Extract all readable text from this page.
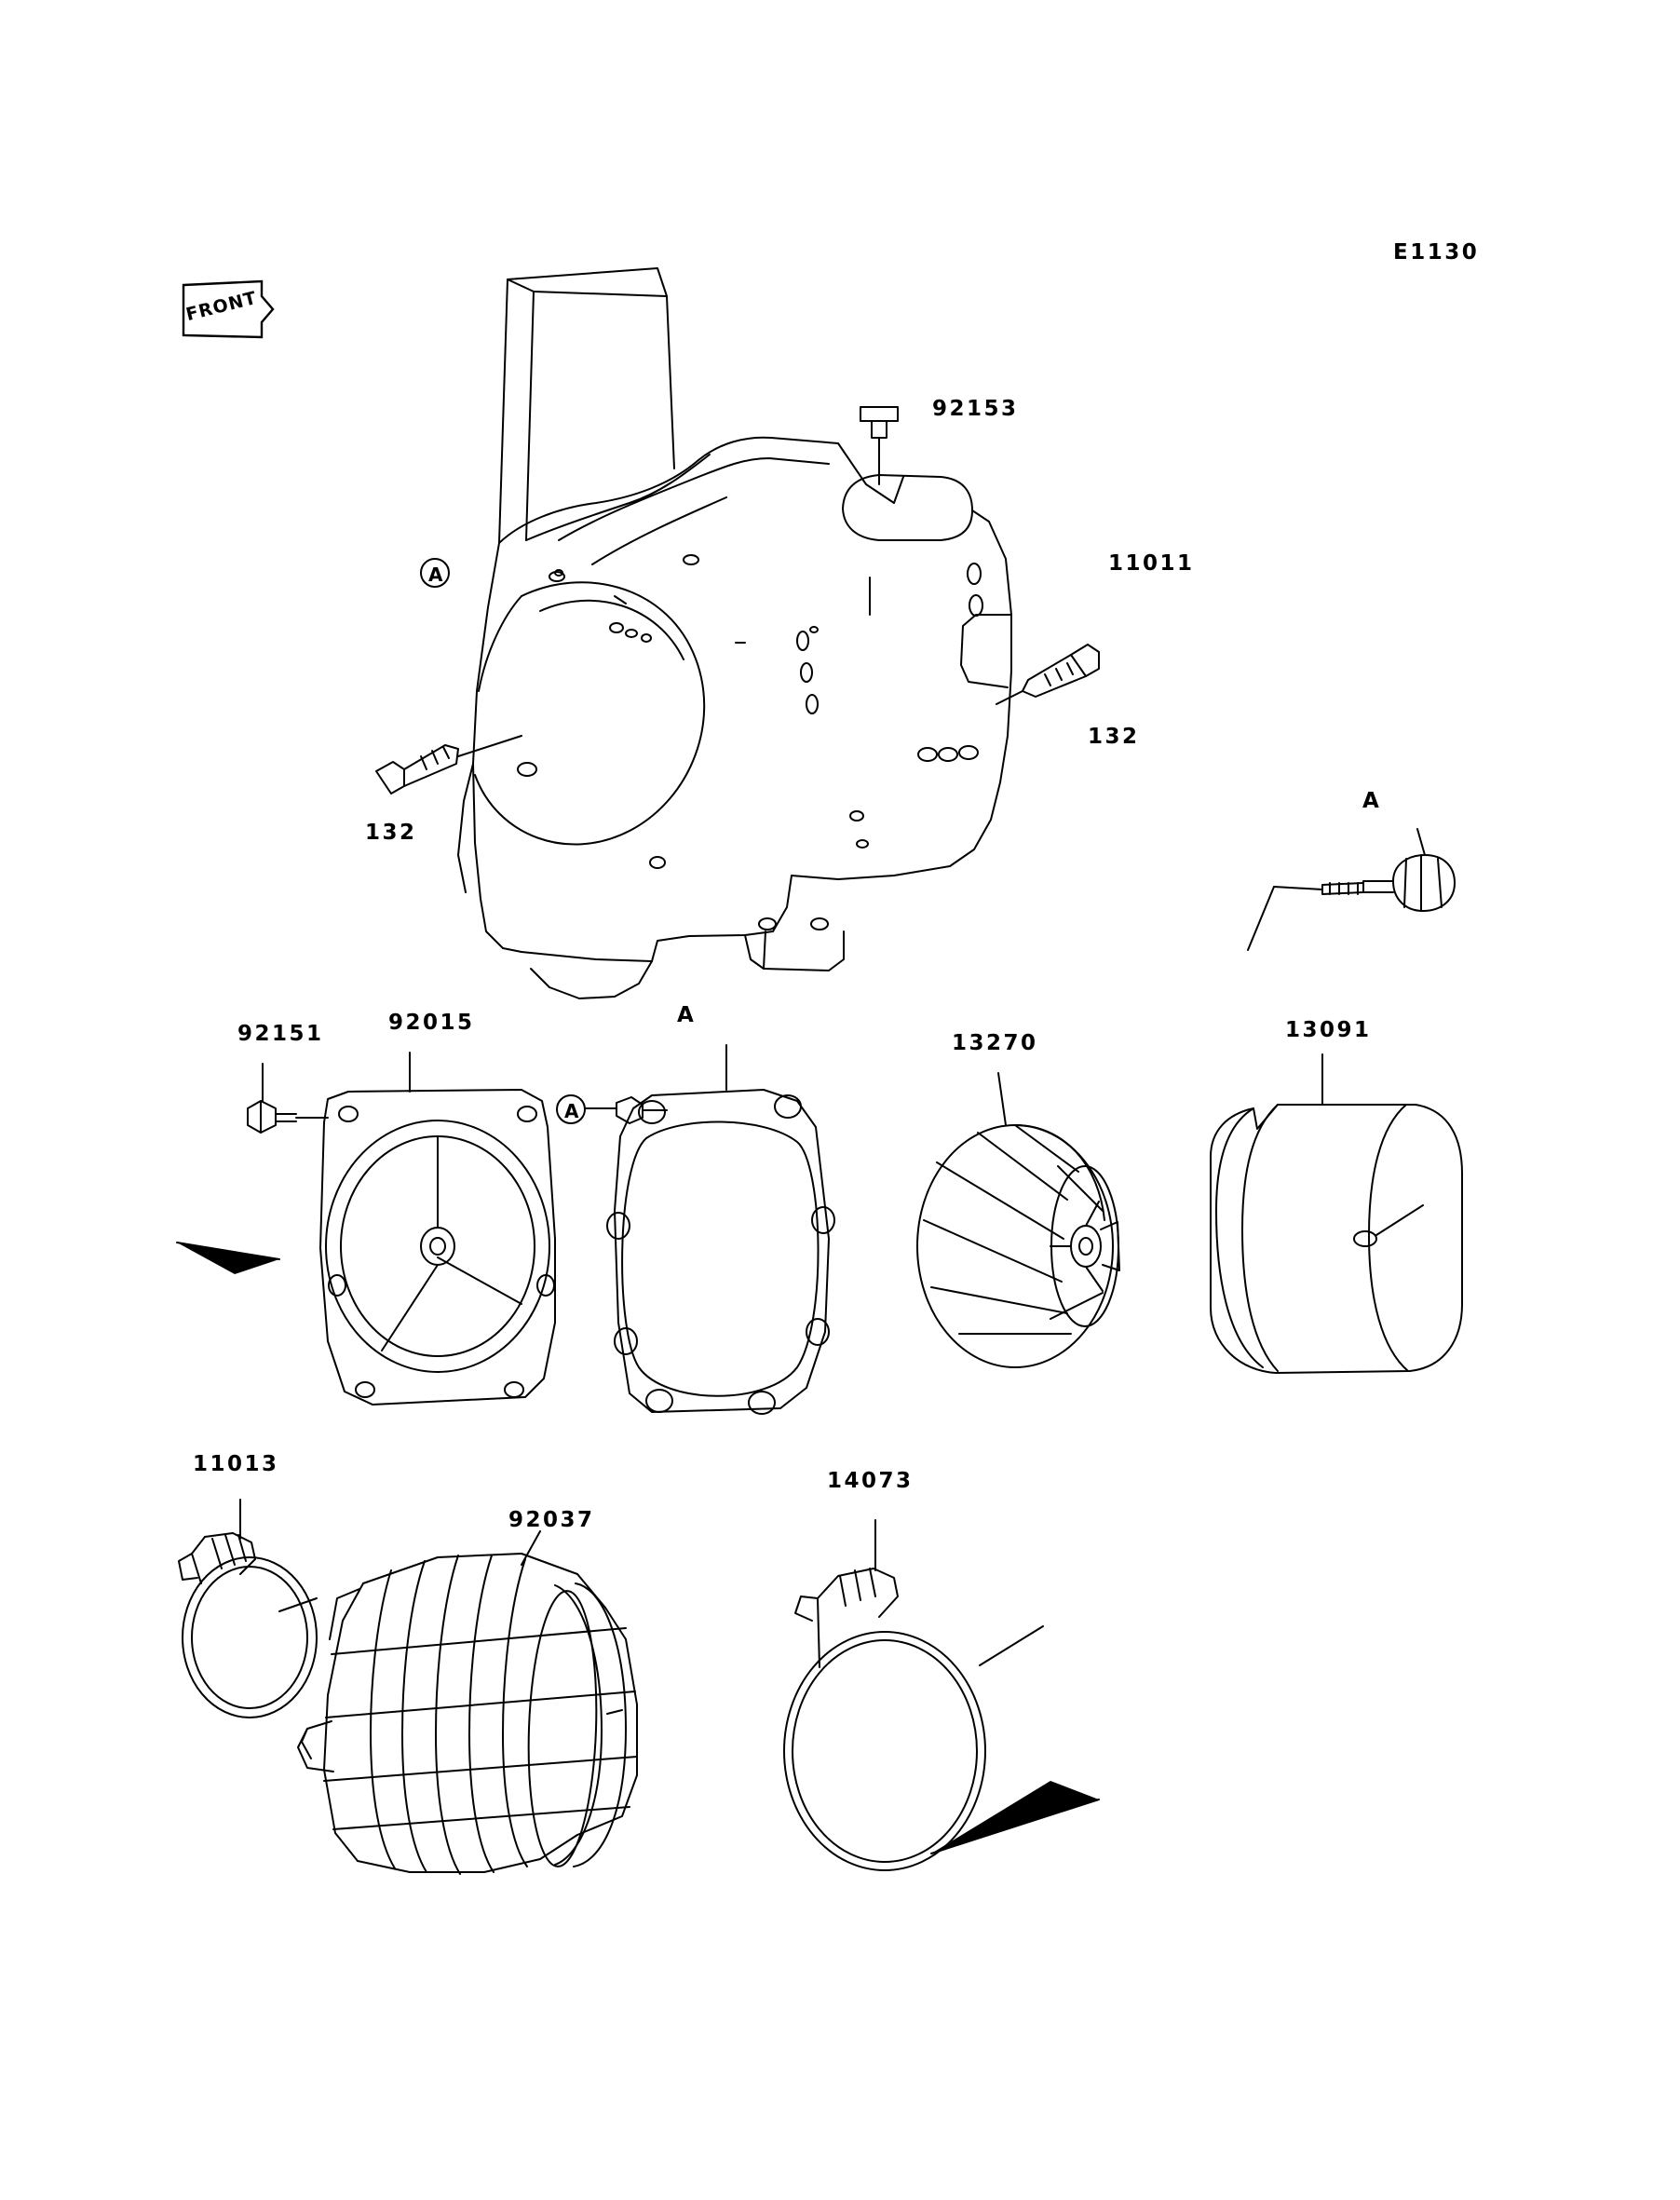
E1130
FRONT
92153
11011
132
132
A
92151	92015	A
13270
13091
11013
92037
14073
A
A
